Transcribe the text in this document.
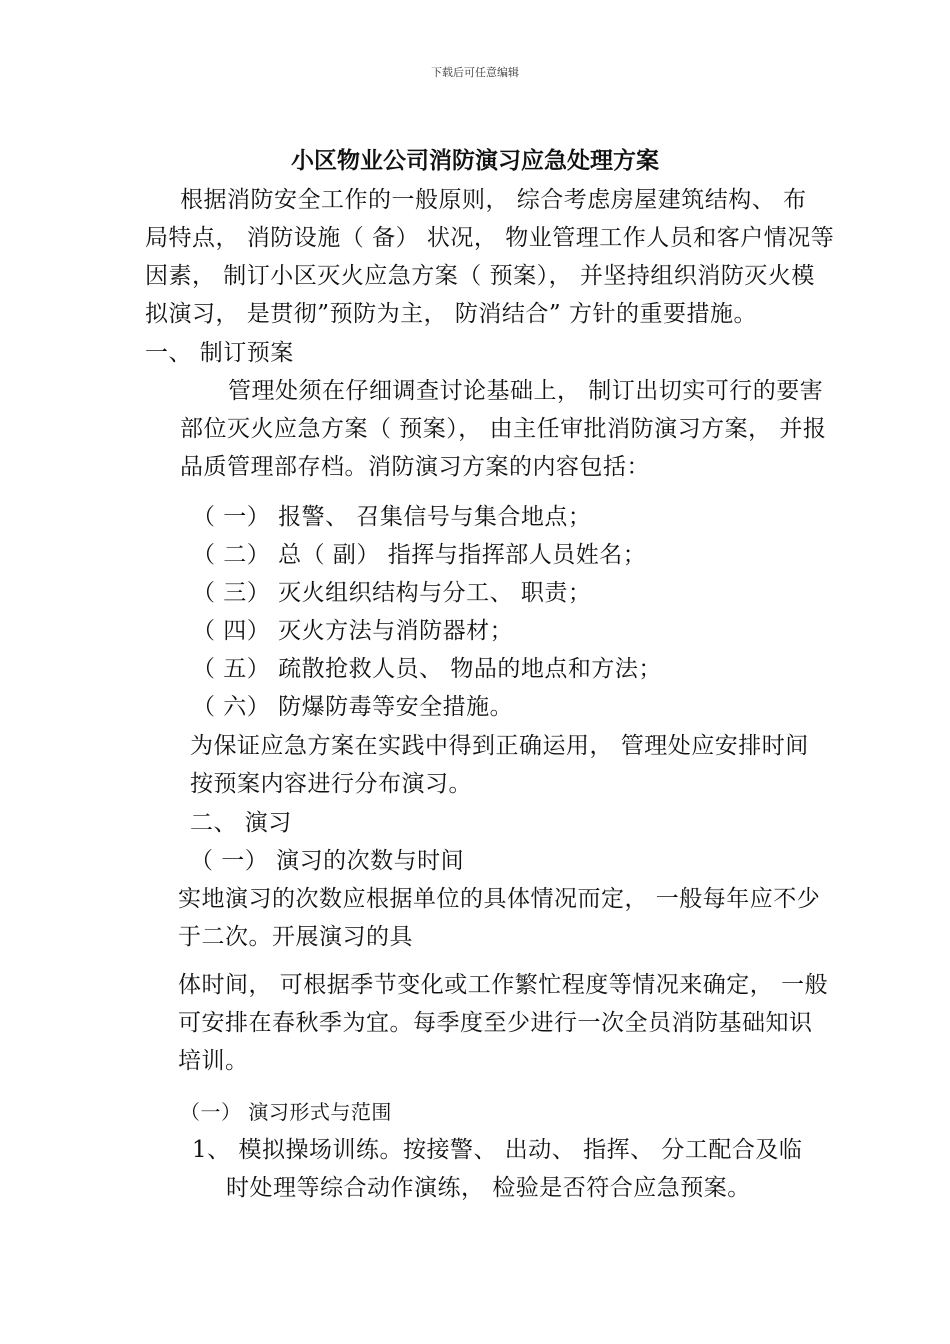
下载后可任意编辑
小区物业公司消防演习应急处理方案
根据消防安全工作的一般原则， 综合考虑房屋建筑结构、 布
局特点， 消防设施（ 备） 状况， 物业管理工作人员和客户情况等
因素， 制订小区灭火应急方案（ 预案）， 并坚持组织消防灭火模
拟演习， 是贯彻”预防为主， 防消结合” 方针的重要措施。
一、 制订预案
管理处须在仔细调查讨论基础上， 制订出切实可行的要害
部位灭火应急方案（ 预案）， 由主任审批消防演习方案， 并报
品质管理部存档。消防演习方案的内容包括：
（ 一） 报警、 召集信号与集合地点；
（ 二） 总（ 副） 指挥与指挥部人员姓名；
（ 三） 灭火组织结构与分工、 职责；
（ 四） 灭火方法与消防器材；
（ 五） 疏散抢救人员、 物品的地点和方法；
（ 六） 防爆防毒等安全措施。
为保证应急方案在实践中得到正确运用， 管理处应安排时间
按预案内容进行分布演习。
二、 演习
（ 一） 演习的次数与时间
实地演习的次数应根据单位的具体情况而定， 一般每年应不少
于二次。开展演习的具
体时间， 可根据季节变化或工作繁忙程度等情况来确定， 一般
可安排在春秋季为宜。每季度至少进行一次全员消防基础知识
培训。
（一） 演习形式与范围
1、 模拟操场训练。按接警、 出动、 指挥、 分工配合及临
时处理等综合动作演练， 检验是否符合应急预案。
